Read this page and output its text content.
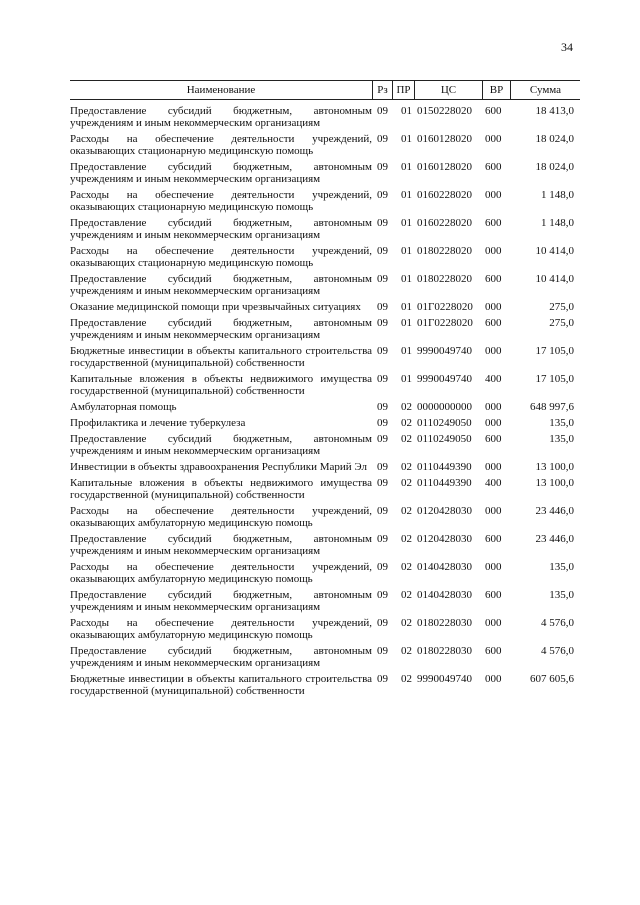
34
Наименование	Рз ПР	ЦС	ВР	Сумма
Предоставление субсидий бюджетным, автономным учреждениям и иным некоммерческим организациям
09 01 0150228020 600	18 413,0
Расходы на обеспечение деятельности учреждений, оказывающих стационарную медицинскую помощь
09 01 0160128020 000	18 024,0
Предоставление субсидий бюджетным, автономным учреждениям и иным некоммерческим организациям
09 01 0160128020 600	18 024,0
Расходы на обеспечение деятельности учреждений, оказывающих стационарную медицинскую помощь
09 01 0160228020 000	1 148,0
Предоставление субсидий бюджетным, автономным учреждениям и иным некоммерческим организациям
09 01 0160228020 600	1 148,0
Расходы на обеспечение деятельности учреждений, оказывающих стационарную медицинскую помощь
09 01 0180228020 000	10 414,0
Предоставление субсидий бюджетным, автономным учреждениям и иным некоммерческим организациям
09 01 0180228020 600	10 414,0
Оказание медицинской помощи при чрезвычайных ситуациях	09 01 01Г0228020 000	275,0
Предоставление субсидий бюджетным, автономным учреждениям и иным некоммерческим организациям
09 01 01Г0228020 600	275,0
Бюджетные инвестиции в объекты капитального строительства государственной (муниципальной) собственности
09 01 9990049740 000	17 105,0
Капитальные вложения в объекты недвижимого имущества государственной (муниципальной) собственности
09 01 9990049740 400	17 105,0
Амбулаторная помощь	09 02 0000000000 000	648 997,6
Профилактика и лечение туберкулеза	09 02 0110249050 000	135,0
Предоставление субсидий бюджетным, автономным учреждениям и иным некоммерческим организациям
09 02 0110249050 600	135,0
Инвестиции в объекты здравоохранения Республики Марий Эл 09 02 0110449390 000	13 100,0
Капитальные вложения в объекты недвижимого имущества государственной (муниципальной) собственности
09 02 0110449390 400	13 100,0
Расходы на обеспечение деятельности учреждений, оказывающих амбулаторную медицинскую помощь
09 02 0120428030 000	23 446,0
Предоставление субсидий бюджетным, автономным учреждениям и иным некоммерческим организациям
09 02 0120428030 600	23 446,0
Расходы на обеспечение деятельности учреждений, оказывающих амбулаторную медицинскую помощь
09 02 0140428030 000	135,0
Предоставление субсидий бюджетным, автономным учреждениям и иным некоммерческим организациям
09 02 0140428030 600	135,0
Расходы на обеспечение деятельности учреждений, оказывающих амбулаторную медицинскую помощь
09 02 0180228030 000	4 576,0
Предоставление субсидий бюджетным, автономным учреждениям и иным некоммерческим организациям
09 02 0180228030 600	4 576,0
Бюджетные инвестиции в объекты капитального строительства государственной (муниципальной) собственности
09 02 9990049740 000	607 605,6
